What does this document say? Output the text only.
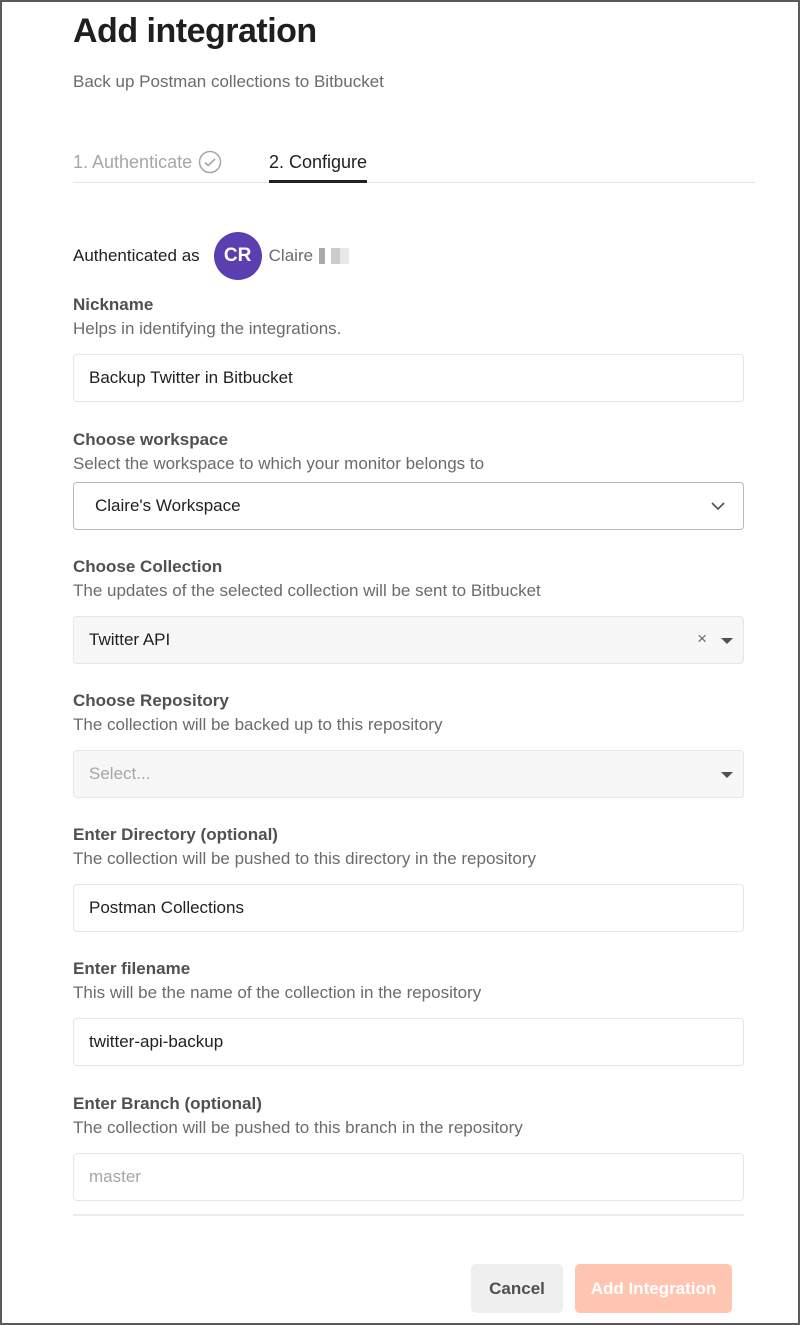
Add integration
Back up Postman collections to Bitbucket
1. Authenticate	2. Configure
Authenticated as	CR	Claire
Nickname
Helps in identifying the integrations.
Backup Twitter in Bitbucket
Choose workspace
Select the workspace to which your monitor belongs to
Claire's Workspace
Choose Collection
The updates of the selected collection will be sent to Bitbucket
Twitter API	×
Choose Repository
The collection will be backed up to this repository
Select...
Enter Directory (optional)
The collection will be pushed to this directory in the repository
Postman Collections
Enter filename
This will be the name of the collection in the repository
twitter-api-backup
Enter Branch (optional)
The collection will be pushed to this branch in the repository
master
Cancel	Add Integration
